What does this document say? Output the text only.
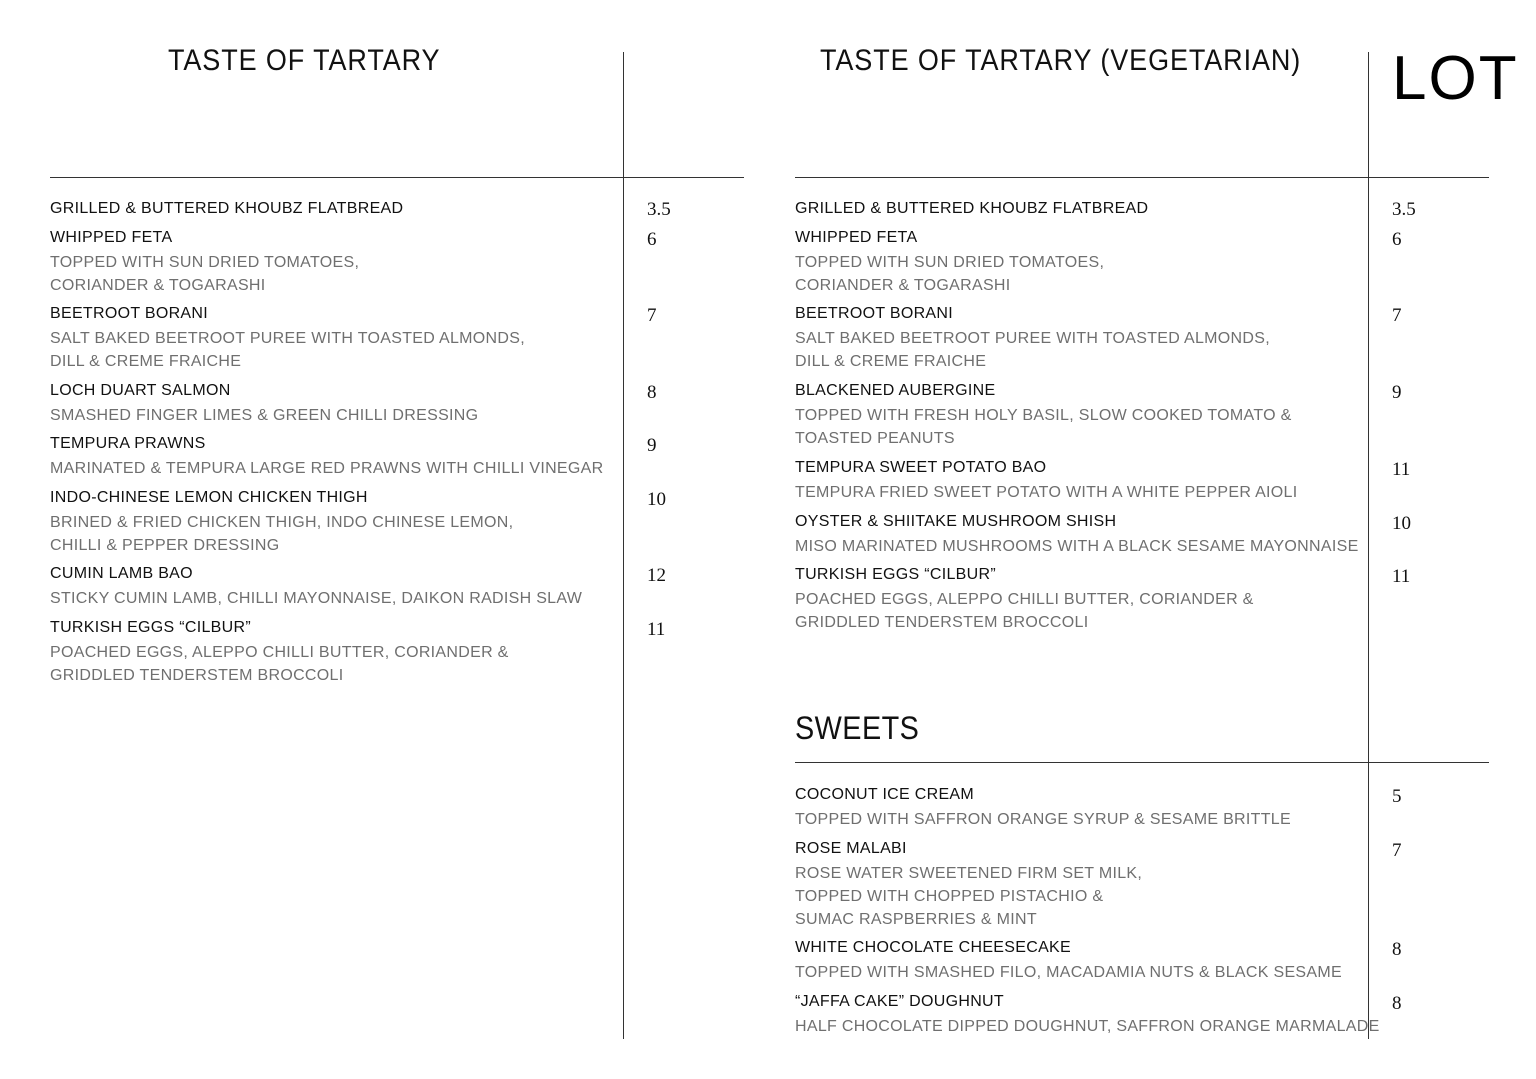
TASTE OF TARTARY	TASTE OF TARTARY (VEGETARIAN) LOT
SWEETS
GRILLED & BUTTERED KHOUBZ FLATBREAD	3.5
WHIPPED FETA
TOPPED WITH SUN DRIED TOMATOES,
CORIANDER & TOGARASHI
6
BEETROOT BORANI
SALT BAKED BEETROOT PUREE WITH TOASTED ALMONDS,
DILL & CREME FRAICHE
7
LOCH DUART SALMON
SMASHED FINGER LIMES & GREEN CHILLI DRESSING
8
TEMPURA PRAWNS
MARINATED & TEMPURA LARGE RED PRAWNS WITH CHILLI VINEGAR
9
INDO-CHINESE LEMON CHICKEN THIGH
BRINED & FRIED CHICKEN THIGH, INDO CHINESE LEMON,
CHILLI & PEPPER DRESSING
10
CUMIN LAMB BAO
STICKY CUMIN LAMB, CHILLI MAYONNAISE, DAIKON RADISH SLAW
12
TURKISH EGGS “CILBUR”
POACHED EGGS, ALEPPO CHILLI BUTTER, CORIANDER &
GRIDDLED TENDERSTEM BROCCOLI
11
GRILLED & BUTTERED KHOUBZ FLATBREAD	3.5
WHIPPED FETA
TOPPED WITH SUN DRIED TOMATOES,
CORIANDER & TOGARASHI
6
BEETROOT BORANI
SALT BAKED BEETROOT PUREE WITH TOASTED ALMONDS,
DILL & CREME FRAICHE
7
BLACKENED AUBERGINE
TOPPED WITH FRESH HOLY BASIL, SLOW COOKED TOMATO &
TOASTED PEANUTS
9
TEMPURA SWEET POTATO BAO
TEMPURA FRIED SWEET POTATO WITH A WHITE PEPPER AIOLI
11
OYSTER & SHIITAKE MUSHROOM SHISH
MISO MARINATED MUSHROOMS WITH A BLACK SESAME MAYONNAISE
10
TURKISH EGGS “CILBUR”
POACHED EGGS, ALEPPO CHILLI BUTTER, CORIANDER &
GRIDDLED TENDERSTEM BROCCOLI
11
COCONUT ICE CREAM
TOPPED WITH SAFFRON ORANGE SYRUP & SESAME BRITTLE
5
ROSE MALABI
ROSE WATER SWEETENED FIRM SET MILK,
TOPPED WITH CHOPPED PISTACHIO &
SUMAC RASPBERRIES & MINT
7
WHITE CHOCOLATE CHEESECAKE
TOPPED WITH SMASHED FILO, MACADAMIA NUTS & BLACK SESAME
8
“JAFFA CAKE” DOUGHNUT
HALF CHOCOLATE DIPPED DOUGHNUT, SAFFRON ORANGE MARMALADE
8
